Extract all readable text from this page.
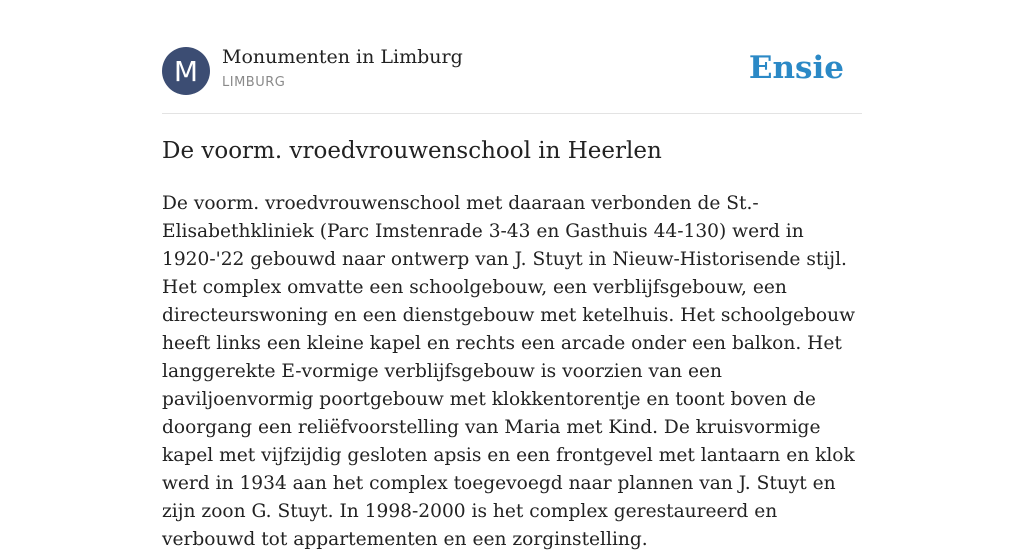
M	Monumenten in Limburg
LIMBURG	Ensie
De voorm. vroedvrouwenschool in Heerlen

De voorm. vroedvrouwenschool met daaraan verbonden de St.-Elisabethkliniek (Parc Imstenrade 3-43 en Gasthuis 44-130) werd in 1920-'22 gebouwd naar ontwerp van J. Stuyt in Nieuw-Historisende stijl. Het complex omvatte een schoolgebouw, een verblijfsgebouw, een directeurswoning en een dienstgebouw met ketelhuis. Het schoolgebouw heeft links een kleine kapel en rechts een arcade onder een balkon. Het langgerekte E-vormige verblijfsgebouw is voorzien van een paviljoenvormig poortgebouw met klokkentorentje en toont boven de doorgang een reliëfvoorstelling van Maria met Kind. De kruisvormige kapel met vijfzijdig gesloten apsis en een frontgevel met lantaarn en klok werd in 1934 aan het complex toegevoegd naar plannen van J. Stuyt en zijn zoon G. Stuyt. In 1998-2000 is het complex gerestaureerd en verbouwd tot appartementen en een zorginstelling.
